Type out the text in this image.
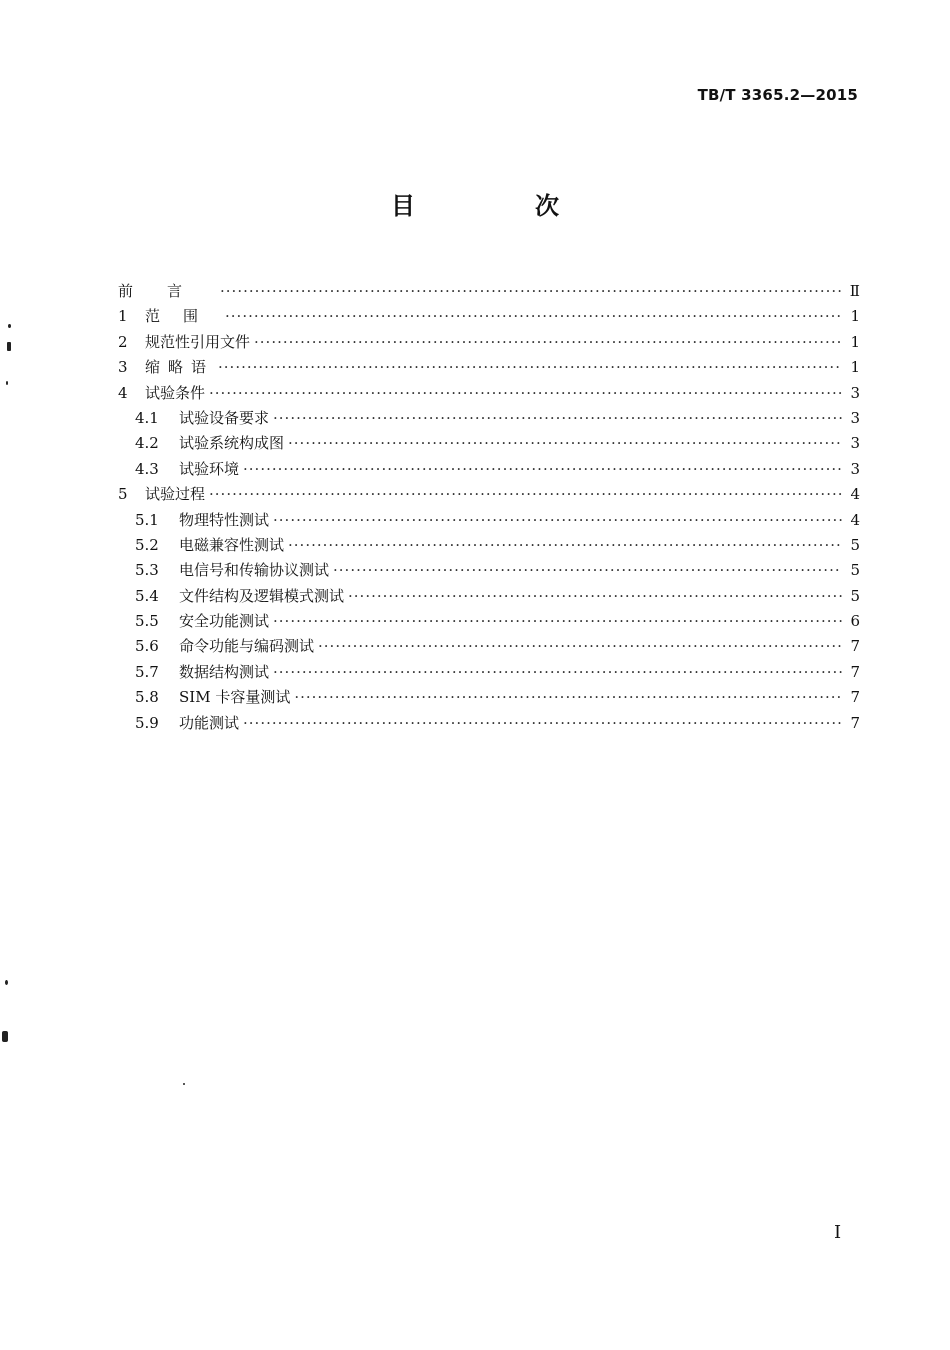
TB/T 3365.2—2015
目　次
前言 ·····	Ⅱ
1	范围 ·····	1
2	规范性引用文件 ·····	1
3	缩略语 ·····	1
4	试验条件 ·····	3
4.1	试验设备要求 ·····	3
4.2	试验系统构成图 ·····	3
4.3	试验环境 ·····	3
5	试验过程 ·····	4
5.1	物理特性测试 ·····	4
5.2	电磁兼容性测试 ·····	5
5.3	电信号和传输协议测试 ·····	5
5.4	文件结构及逻辑模式测试 ·····	5
5.5	安全功能测试 ·····	6
5.6	命令功能与编码测试 ·····	7
5.7	数据结构测试 ·····	7
5.8	SIM 卡容量测试 ·····	7
5.9	功能测试 ·····	7
I
